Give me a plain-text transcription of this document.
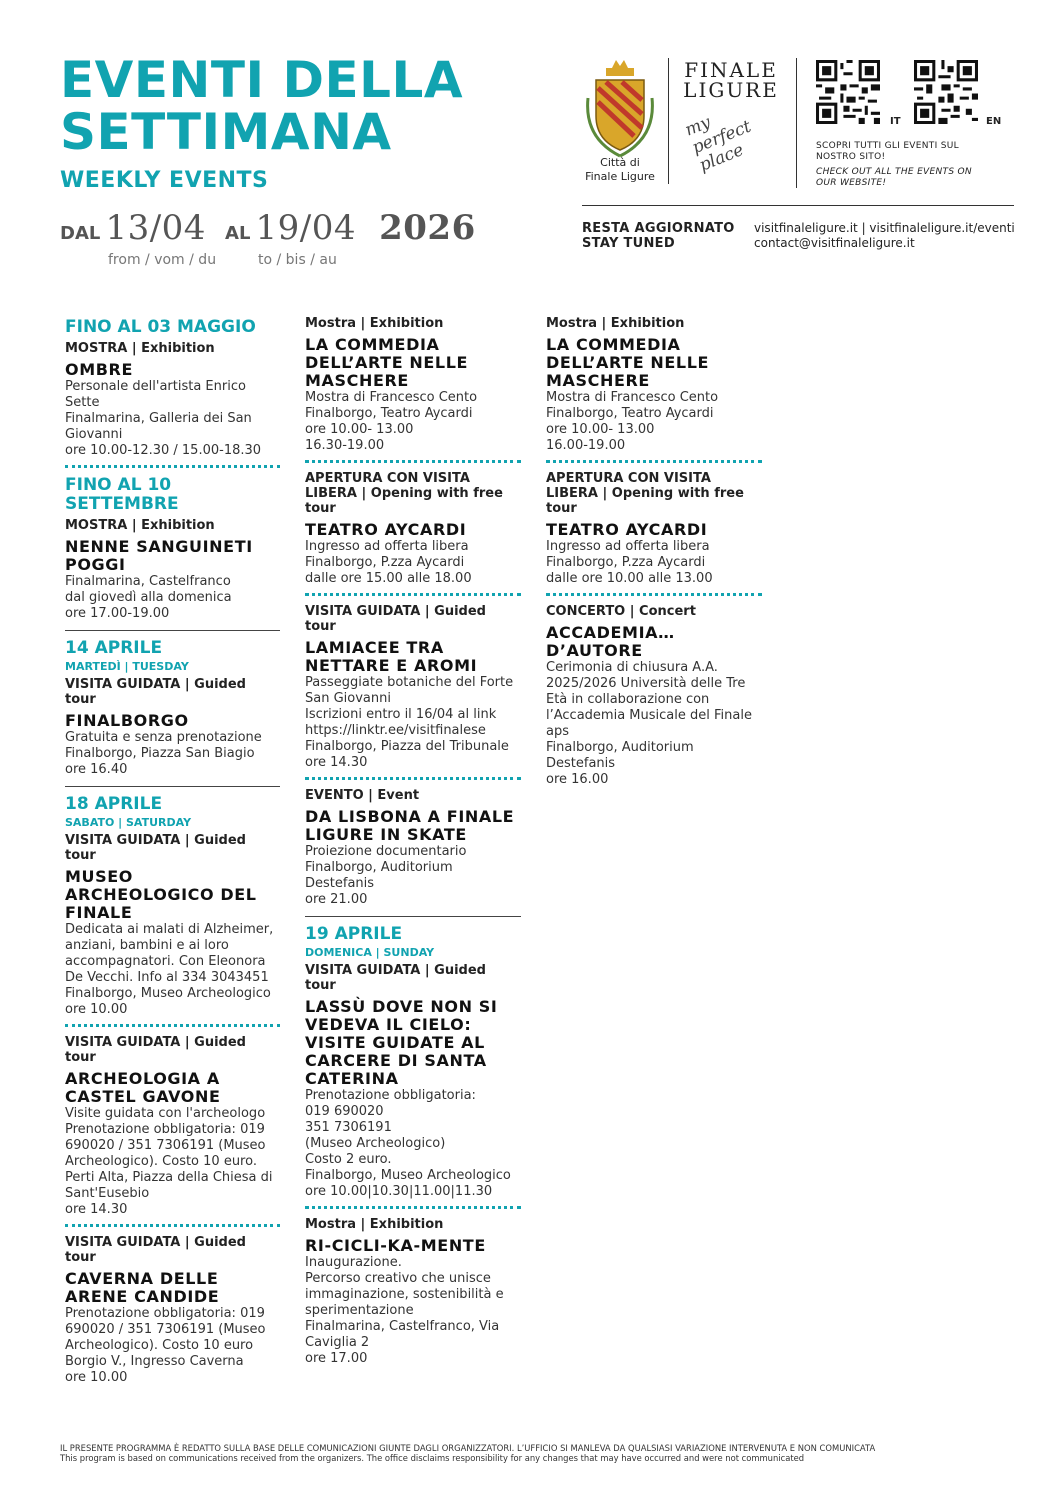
EVENTI DELLA SETTIMANA
WEEKLY EVENTS
DAL 13/04 AL 19/04 2026
from / vom / du	to / bis / au
Città di
Finale Ligure
FINALE
LIGURE
my perfect place
IT	EN
SCOPRI TUTTI GLI EVENTI SUL NOSTRO SITO!
CHECK OUT ALL THE EVENTS ON OUR WEBSITE!
RESTA AGGIORNATO
STAY TUNED
visitfinaleligure.it | visitfinaleligure.it/eventi
contact@visitfinaleligure.it
FINO AL 03 MAGGIO
MOSTRA | Exhibition
OMBRE
Personale dell'artista Enrico Sette
Finalmarina, Galleria dei San Giovanni
ore 10.00-12.30 / 15.00-18.30
FINO AL 10 SETTEMBRE
MOSTRA | Exhibition
NENNE SANGUINETI POGGI
Finalmarina, Castelfranco
dal giovedì alla domenica
ore 17.00-19.00
14 APRILE
MARTEDÌ | TUESDAY
VISITA GUIDATA | Guided tour
FINALBORGO
Gratuita e senza prenotazione
Finalborgo, Piazza San Biagio
ore 16.40
18 APRILE
SABATO | SATURDAY
VISITA GUIDATA | Guided tour
MUSEO ARCHEOLOGICO DEL FINALE
Dedicata ai malati di Alzheimer, anziani, bambini e ai loro accompagnatori. Con Eleonora De Vecchi. Info al 334 3043451
Finalborgo, Museo Archeologico
ore 10.00
VISITA GUIDATA | Guided tour
ARCHEOLOGIA A CASTEL GAVONE
Visite guidata con l'archeologo
Prenotazione obbligatoria: 019 690020 / 351 7306191 (Museo Archeologico). Costo 10 euro.
Perti Alta, Piazza della Chiesa di Sant'Eusebio
ore 14.30
VISITA GUIDATA | Guided tour
CAVERNA DELLE ARENE CANDIDE
Prenotazione obbligatoria: 019 690020 / 351 7306191 (Museo Archeologico). Costo 10 euro
Borgio V., Ingresso Caverna
ore 10.00
Mostra | Exhibition
LA COMMEDIA DELL’ARTE NELLE MASCHERE
Mostra di Francesco Cento
Finalborgo, Teatro Aycardi
ore 10.00- 13.00
16.30-19.00
APERTURA CON VISITA LIBERA | Opening with free tour
TEATRO AYCARDI
Ingresso ad offerta libera
Finalborgo, P.zza Aycardi
dalle ore 15.00 alle 18.00
VISITA GUIDATA | Guided tour
LAMIACEE TRA NETTARE E AROMI
Passeggiate botaniche del Forte San Giovanni
Iscrizioni entro il 16/04 al link https://linktr.ee/visitfinalese
Finalborgo, Piazza del Tribunale
ore 14.30
EVENTO | Event
DA LISBONA A FINALE LIGURE IN SKATE
Proiezione documentario
Finalborgo, Auditorium Destefanis
ore 21.00
19 APRILE
DOMENICA | SUNDAY
VISITA GUIDATA | Guided tour
LASSÙ DOVE NON SI VEDEVA IL CIELO: VISITE GUIDATE AL CARCERE DI SANTA CATERINA
Prenotazione obbligatoria:
019 690020
351 7306191
(Museo Archeologico)
Costo 2 euro.
Finalborgo, Museo Archeologico
ore 10.00|10.30|11.00|11.30
Mostra | Exhibition
RI-CICLI-KA-MENTE
Inaugurazione.
Percorso creativo che unisce immaginazione, sostenibilità e sperimentazione
Finalmarina, Castelfranco, Via Caviglia 2
ore 17.00
Mostra | Exhibition
LA COMMEDIA DELL’ARTE NELLE MASCHERE
Mostra di Francesco Cento
Finalborgo, Teatro Aycardi
ore 10.00- 13.00
16.00-19.00
APERTURA CON VISITA LIBERA | Opening with free tour
TEATRO AYCARDI
Ingresso ad offerta libera
Finalborgo, P.zza Aycardi
dalle ore 10.00 alle 13.00
CONCERTO | Concert
ACCADEMIA… D’AUTORE
Cerimonia di chiusura A.A. 2025/2026 Università delle Tre Età in collaborazione con l’Accademia Musicale del Finale aps
Finalborgo, Auditorium Destefanis
ore 16.00
IL PRESENTE PROGRAMMA È REDATTO SULLA BASE DELLE COMUNICAZIONI GIUNTE DAGLI ORGANIZZATORI. L’UFFICIO SI MANLEVA DA QUALSIASI VARIAZIONE INTERVENUTA E NON COMUNICATA
This program is based on communications received from the organizers. The office disclaims responsibility for any changes that may have occurred and were not communicated
